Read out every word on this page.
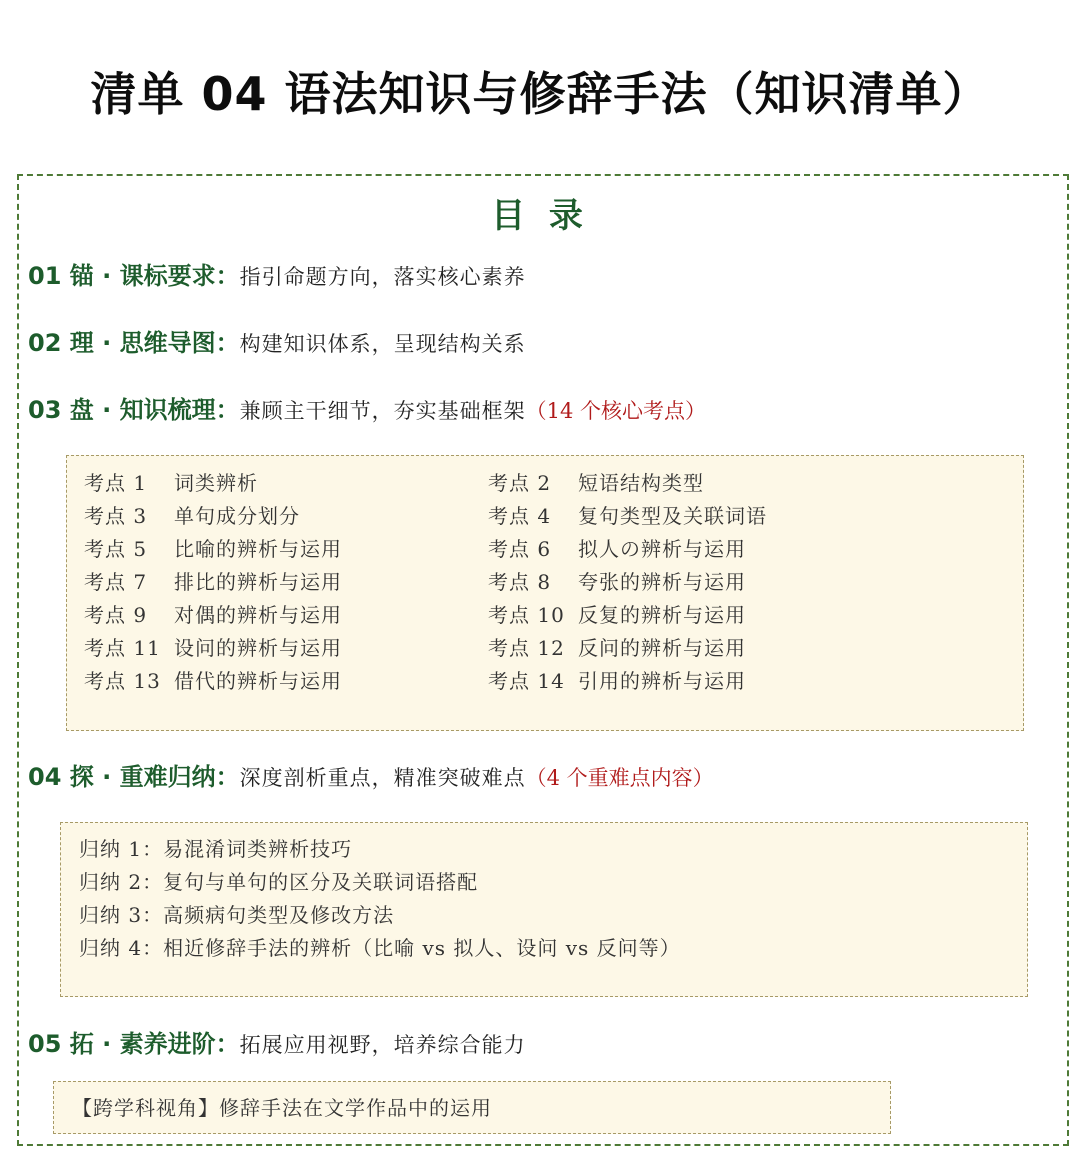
清单 04 语法知识与修辞手法（知识清单）
目 录
01 锚 · 课标要求：指引命题方向，落实核心素养
02 理 · 思维导图：构建知识体系，呈现结构关系
03 盘 · 知识梳理：兼顾主干细节，夯实基础框架（14 个核心考点）
考点 1 词类辨析	考点 2 短语结构类型
考点 3 单句成分划分	考点 4 复句类型及关联词语
考点 5 比喻的辨析与运用	考点 6 拟人の辨析与运用
考点 7 排比的辨析与运用	考点 8 夸张的辨析与运用
考点 9 对偶的辨析与运用	考点 10 反复的辨析与运用
考点 11 设问的辨析与运用	考点 12 反问的辨析与运用
考点 13 借代的辨析与运用	考点 14 引用的辨析与运用
04 探 · 重难归纳：深度剖析重点，精准突破难点（4 个重难点内容）
归纳 1：易混淆词类辨析技巧
归纳 2：复句与单句的区分及关联词语搭配
归纳 3：高频病句类型及修改方法
归纳 4：相近修辞手法的辨析（比喻 vs 拟人、设问 vs 反问等）
05 拓 · 素养进阶：拓展应用视野，培养综合能力
【跨学科视角】修辞手法在文学作品中的运用
